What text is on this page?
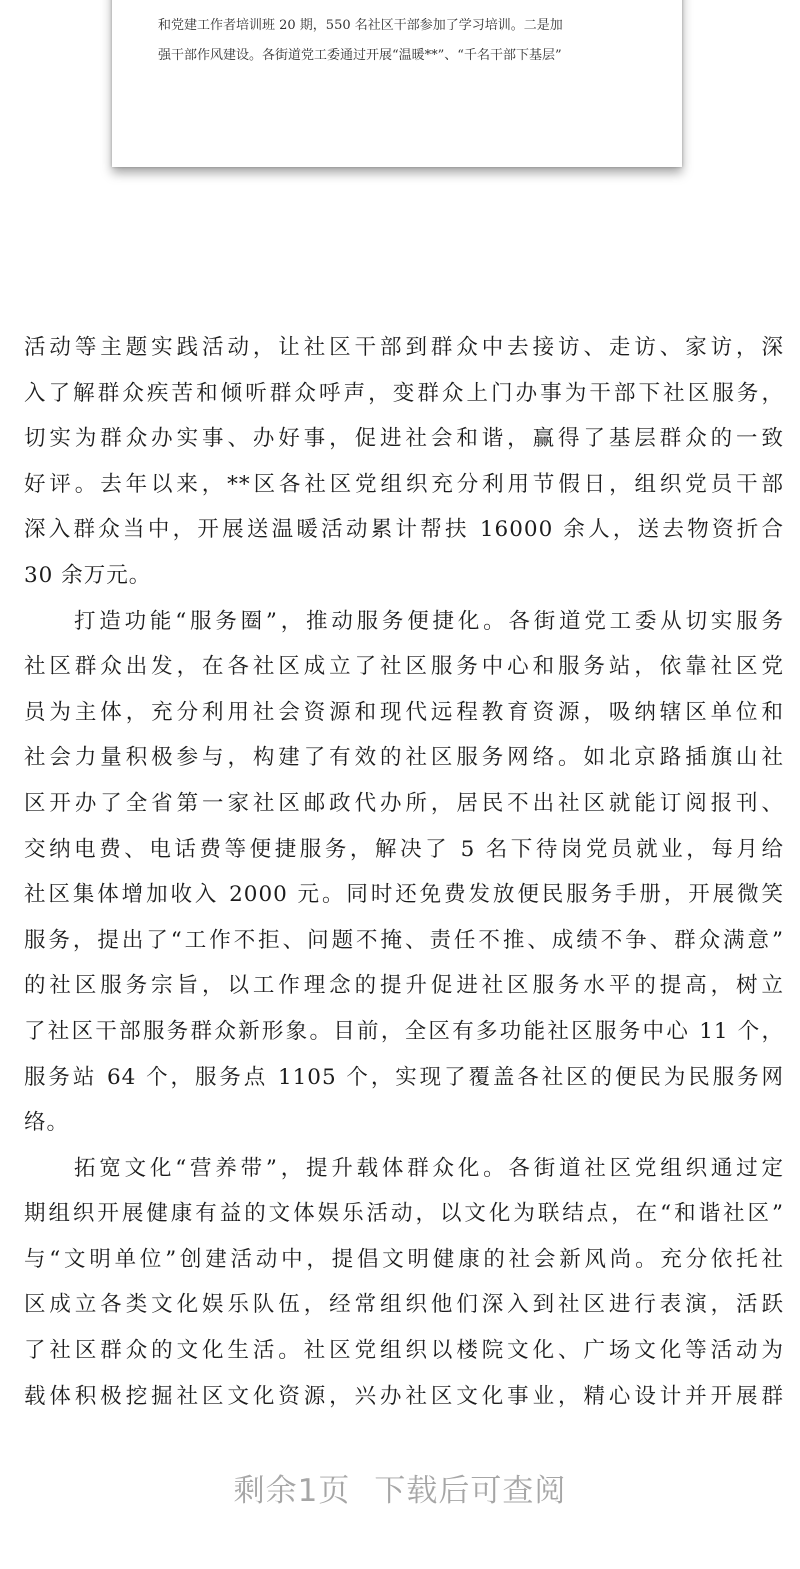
和党建工作者培训班 20 期，550 名社区干部参加了学习培训。二是加
强干部作风建设。各街道党工委通过开展“温暖**”、“千名干部下基层”
活动等主题实践活动，让社区干部到群众中去接访、走访、家访，深
入了解群众疾苦和倾听群众呼声，变群众上门办事为干部下社区服务，
切实为群众办实事、办好事，促进社会和谐，赢得了基层群众的一致
好评。去年以来，**区各社区党组织充分利用节假日，组织党员干部
深入群众当中，开展送温暖活动累计帮扶 16000 余人，送去物资折合
30 余万元。
打造功能“服务圈”，推动服务便捷化。各街道党工委从切实服务
社区群众出发，在各社区成立了社区服务中心和服务站，依靠社区党
员为主体，充分利用社会资源和现代远程教育资源，吸纳辖区单位和
社会力量积极参与，构建了有效的社区服务网络。如北京路插旗山社
区开办了全省第一家社区邮政代办所，居民不出社区就能订阅报刊、
交纳电费、电话费等便捷服务，解决了 5 名下待岗党员就业，每月给
社区集体增加收入 2000 元。同时还免费发放便民服务手册，开展微笑
服务，提出了“工作不拒、问题不掩、责任不推、成绩不争、群众满意”
的社区服务宗旨，以工作理念的提升促进社区服务水平的提高，树立
了社区干部服务群众新形象。目前，全区有多功能社区服务中心 11 个，
服务站 64 个，服务点 1105 个，实现了覆盖各社区的便民为民服务网
络。
拓宽文化“营养带”，提升载体群众化。各街道社区党组织通过定
期组织开展健康有益的文体娱乐活动，以文化为联结点，在“和谐社区”
与“文明单位”创建活动中，提倡文明健康的社会新风尚。充分依托社
区成立各类文化娱乐队伍，经常组织他们深入到社区进行表演，活跃
了社区群众的文化生活。社区党组织以楼院文化、广场文化等活动为
载体积极挖掘社区文化资源，兴办社区文化事业，精心设计并开展群
剩余1页 下载后可查阅
